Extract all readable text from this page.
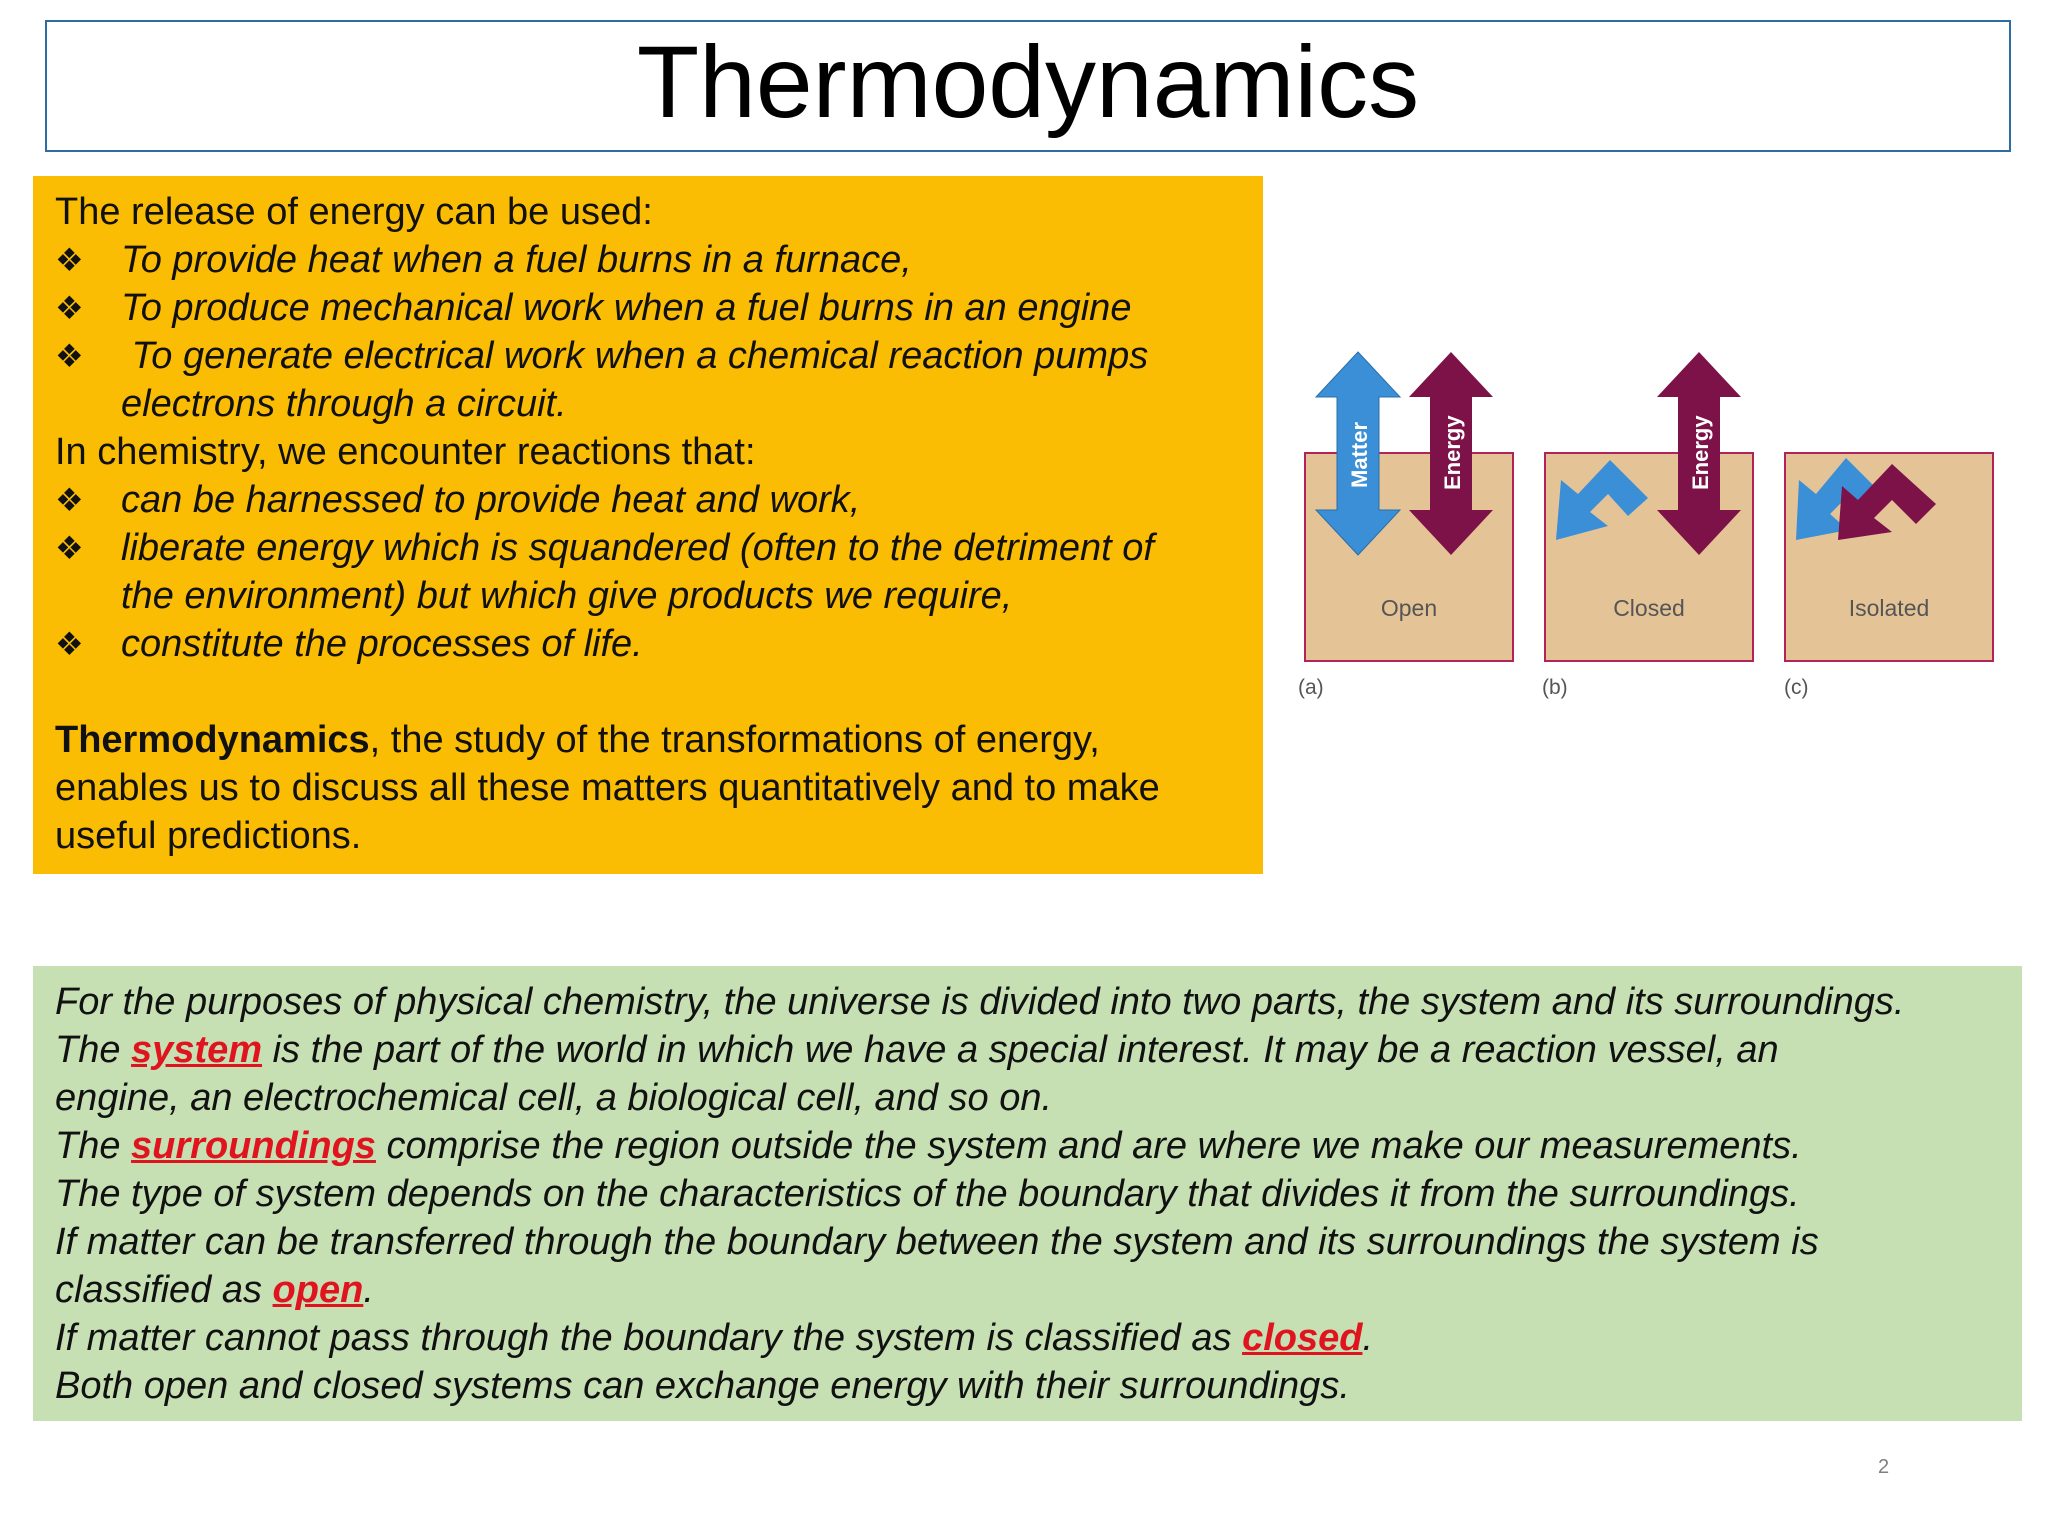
Thermodynamics
The release of energy can be used:
❖ To provide heat when a fuel burns in a furnace,
❖ To produce mechanical work when a fuel burns in an engine
❖ To generate electrical work when a chemical reaction pumps
electrons through a circuit.
In chemistry, we encounter reactions that:
❖ can be harnessed to provide heat and work,
❖ liberate energy which is squandered (often to the detriment of
the environment) but which give products we require,
❖ constitute the processes of life.
Thermodynamics, the study of the transformations of energy,
enables us to discuss all these matters quantitatively and to make
useful predictions.
Matter	Energy	Energy
Open	Closed	Isolated
(a)	(b)	(c)
For the purposes of physical chemistry, the universe is divided into two parts, the system and its surroundings.
The system is the part of the world in which we have a special interest. It may be a reaction vessel, an
engine, an electrochemical cell, a biological cell, and so on.
The surroundings comprise the region outside the system and are where we make our measurements.
The type of system depends on the characteristics of the boundary that divides it from the surroundings.
If matter can be transferred through the boundary between the system and its surroundings the system is
classified as open.
If matter cannot pass through the boundary the system is classified as closed.
Both open and closed systems can exchange energy with their surroundings.
2
